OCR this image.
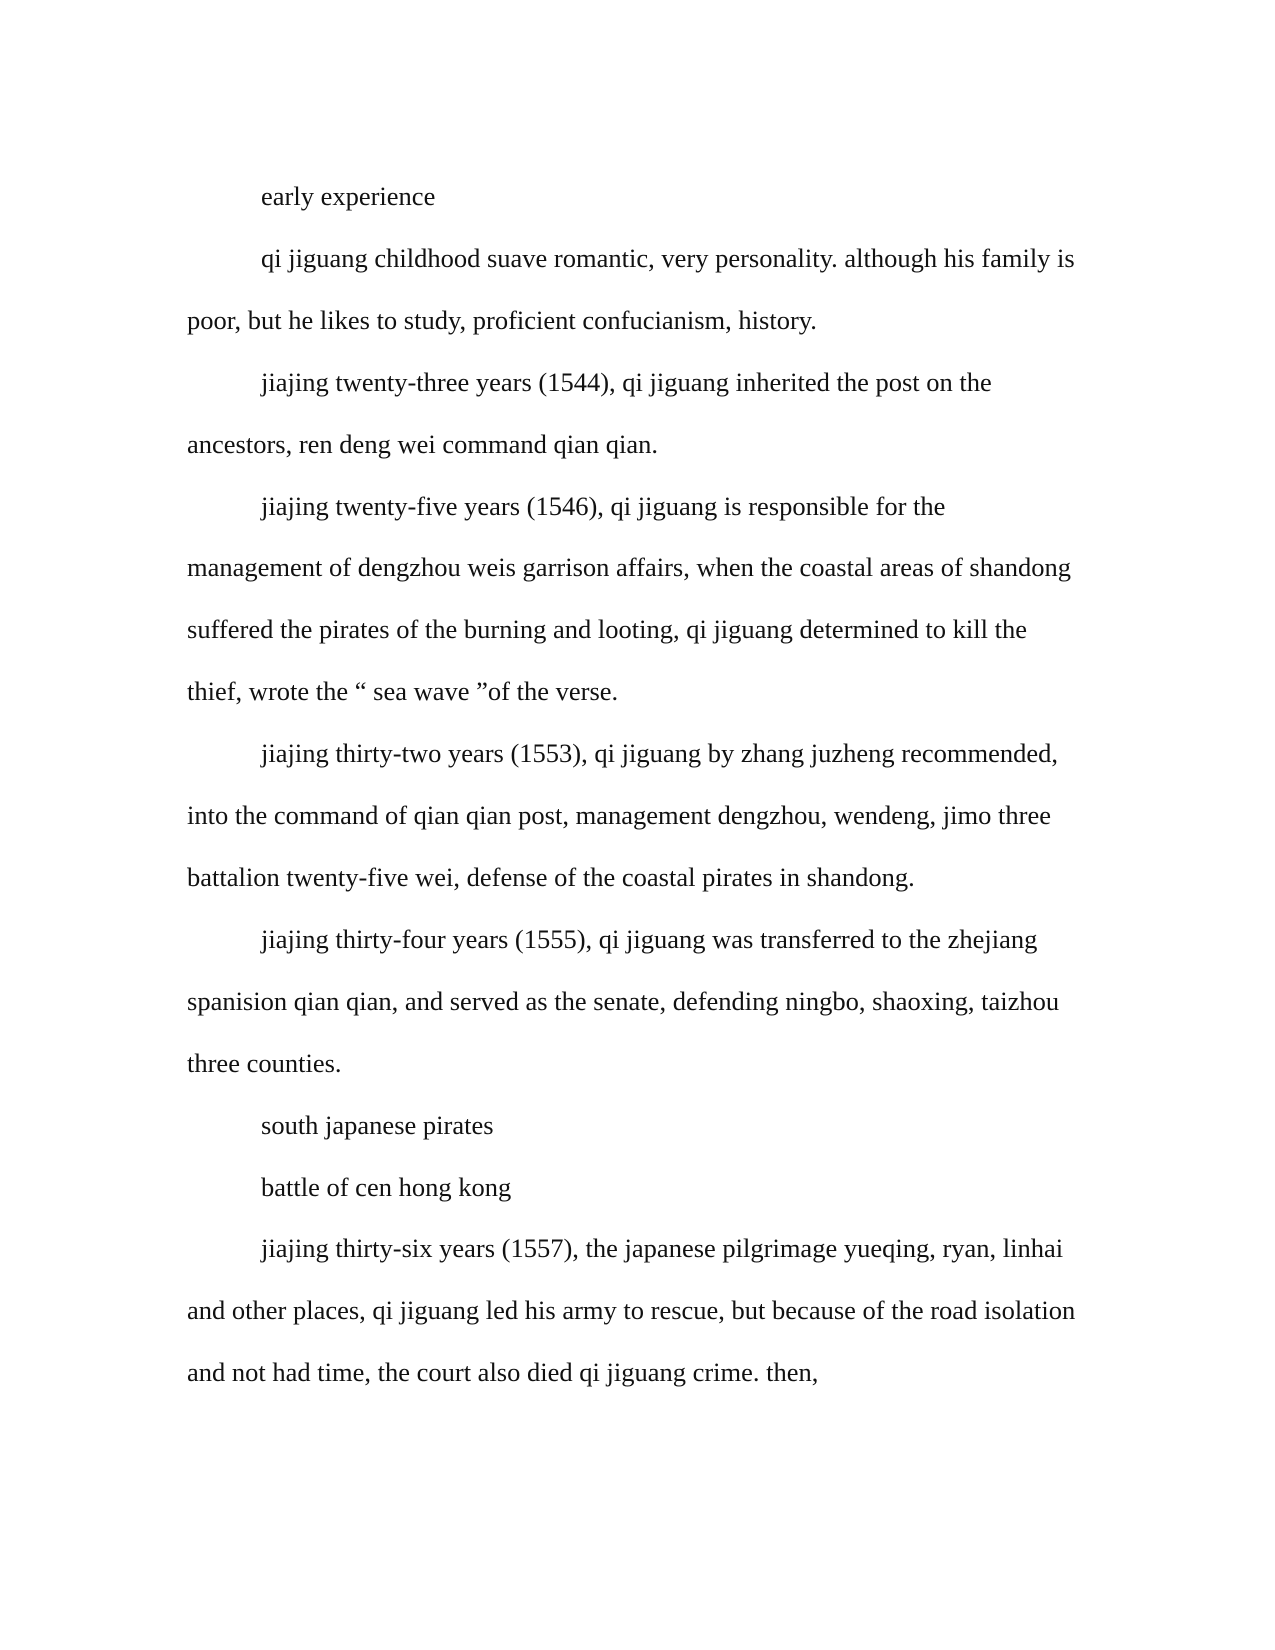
early experience

qi jiguang childhood suave romantic, very personality. although his family is poor, but he likes to study, proficient confucianism, history.

jiajing twenty-three years (1544), qi jiguang inherited the post on the ancestors, ren deng wei command qian qian.

jiajing twenty-five years (1546), qi jiguang is responsible for the management of dengzhou weis garrison affairs, when the coastal areas of shandong suffered the pirates of the burning and looting, qi jiguang determined to kill the thief, wrote the “ sea wave ”of the verse.

jiajing thirty-two years (1553), qi jiguang by zhang juzheng recommended, into the command of qian qian post, management dengzhou, wendeng, jimo three battalion twenty-five wei, defense of the coastal pirates in shandong.

jiajing thirty-four years (1555), qi jiguang was transferred to the zhejiang spanision qian qian, and served as the senate, defending ningbo, shaoxing, taizhou three counties.

south japanese pirates

battle of cen hong kong

jiajing thirty-six years (1557), the japanese pilgrimage yueqing, ryan, linhai and other places, qi jiguang led his army to rescue, but because of the road isolation and not had time, the court also died qi jiguang crime. then,
